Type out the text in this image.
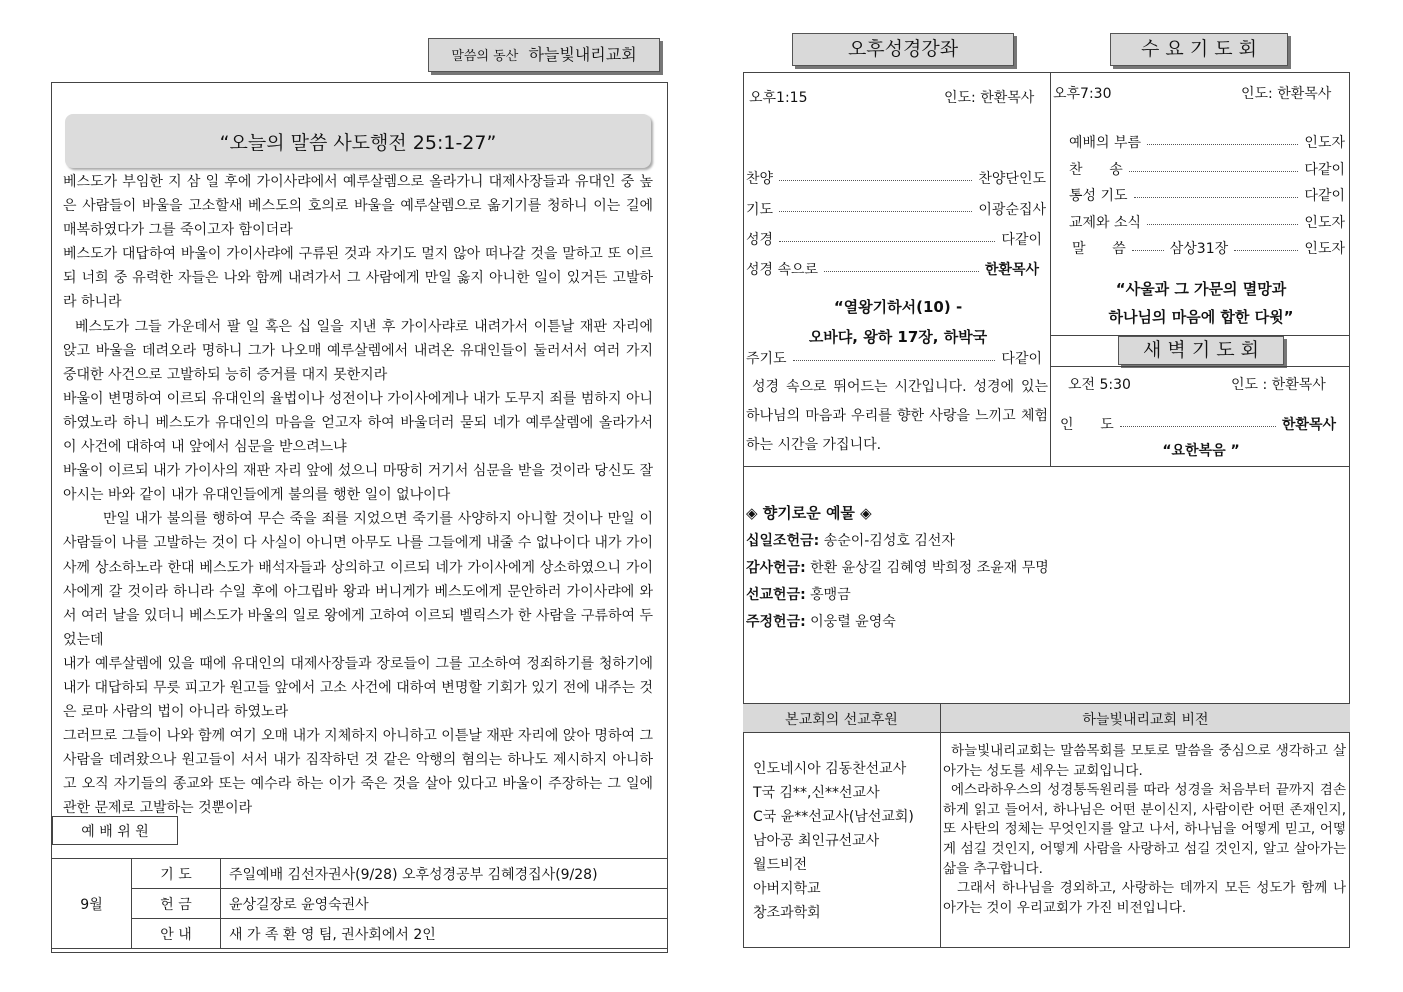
말씀의 동산 하늘빛내리교회
“오늘의 말씀 사도행전 25:1-27”

베스도가 부임한 지 삼 일 후에 가이사랴에서 예루살렘으로 올라가니 대제사장들과 유대인 중 높은 사람들이 바울을 고소할새 베스도의 호의로 바울을 예루살렘으로 옮기기를 청하니 이는 길에 매복하였다가 그를 죽이고자 함이더라

베스도가 대답하여 바울이 가이사랴에 구류된 것과 자기도 멀지 않아 떠나갈 것을 말하고 또 이르되 너희 중 유력한 자들은 나와 함께 내려가서 그 사람에게 만일 옳지 아니한 일이 있거든 고발하라 하니라

베스도가 그들 가운데서 팔 일 혹은 십 일을 지낸 후 가이사랴로 내려가서 이튿날 재판 자리에 앉고 바울을 데려오라 명하니 그가 나오매 예루살렘에서 내려온 유대인들이 둘러서서 여러 가지 중대한 사건으로 고발하되 능히 증거를 대지 못한지라

바울이 변명하여 이르되 유대인의 율법이나 성전이나 가이사에게나 내가 도무지 죄를 범하지 아니하였노라 하니 베스도가 유대인의 마음을 얻고자 하여 바울더러 묻되 네가 예루살렘에 올라가서 이 사건에 대하여 내 앞에서 심문을 받으려느냐

바울이 이르되 내가 가이사의 재판 자리 앞에 섰으니 마땅히 거기서 심문을 받을 것이라 당신도 잘 아시는 바와 같이 내가 유대인들에게 불의를 행한 일이 없나이다

만일 내가 불의를 행하여 무슨 죽을 죄를 지었으면 죽기를 사양하지 아니할 것이나 만일 이 사람들이 나를 고발하는 것이 다 사실이 아니면 아무도 나를 그들에게 내줄 수 없나이다 내가 가이사께 상소하노라 한대 베스도가 배석자들과 상의하고 이르되 네가 가이사에게 상소하였으니 가이사에게 갈 것이라 하니라 수일 후에 아그립바 왕과 버니게가 베스도에게 문안하러 가이사랴에 와서 여러 날을 있더니 베스도가 바울의 일로 왕에게 고하여 이르되 벨릭스가 한 사람을 구류하여 두었는데

내가 예루살렘에 있을 때에 유대인의 대제사장들과 장로들이 그를 고소하여 정죄하기를 청하기에 내가 대답하되 무릇 피고가 원고들 앞에서 고소 사건에 대하여 변명할 기회가 있기 전에 내주는 것은 로마 사람의 법이 아니라 하였노라

그러므로 그들이 나와 함께 여기 오매 내가 지체하지 아니하고 이튿날 재판 자리에 앉아 명하여 그 사람을 데려왔으나 원고들이 서서 내가 짐작하던 것 같은 악행의 혐의는 하나도 제시하지 아니하고 오직 자기들의 종교와 또는 예수라 하는 이가 죽은 것을 살아 있다고 바울이 주장하는 그 일에 관한 문제로 고발하는 것뿐이라

예 배 위 원
9월	기 도	주일예배 김선자권사(9/28) 오후성경공부 김혜경집사(9/28)
	헌 금	윤상길장로 윤영숙권사
	안 내	새 가 족 환 영 팀, 권사회에서 2인
오후성경강좌	수 요 기 도 회
오후1:15	인도: 한환목사
찬양	찬양단인도
기도	이광순집사
성경	다같이
성경 속으로	한환목사
“열왕기하서(10) -
오바댜, 왕하 17장, 하박국
주기도	다같이
성경 속으로 뛰어드는 시간입니다. 성경에 있는 하나님의 마음과 우리를 향한 사랑을 느끼고 체험하는 시간을 가집니다.
오후7:30	인도: 한환목사
예배의 부름	인도자
찬      송	다같이
통성 기도	다같이
교제와 소식	인도자
말      씀	삼상31장	인도자
“사울과 그 가문의 멸망과
하나님의 마음에 합한 다윗”
새 벽 기 도 회
오전 5:30	인도 : 한환목사
인      도	한환목사
“요한복음 ”
◈ 향기로운 예물 ◈
십일조헌금: 송순이-김성호 김선자
감사헌금: 한환 윤상길 김혜영 박희정 조윤재 무명
선교헌금: 홍맹금
주정헌금: 이웅렬 윤영숙
본교회의 선교후원	하늘빛내리교회 비전
인도네시아 김동찬선교사
T국 김**,신**선교사
C국 윤**선교사(남선교회)
남아공 최인규선교사
월드비전
아버지학교
창조과학회
하늘빛내리교회는 말씀목회를 모토로 말씀을 중심으로 생각하고 살아가는 성도를 세우는 교회입니다.
에스라하우스의 성경통독원리를 따라 성경을 처음부터 끝까지 겸손하게 읽고 들어서, 하나님은 어떤 분이신지, 사람이란 어떤 존재인지, 또 사탄의 정체는 무엇인지를 알고 나서, 하나님을 어떻게 믿고, 어떻게 섬길 것인지, 어떻게 사람을 사랑하고 섬길 것인지, 알고 살아가는 삶을 추구합니다.
그래서 하나님을 경외하고, 사랑하는 데까지 모든 성도가 함께 나아가는 것이 우리교회가 가진 비전입니다.
